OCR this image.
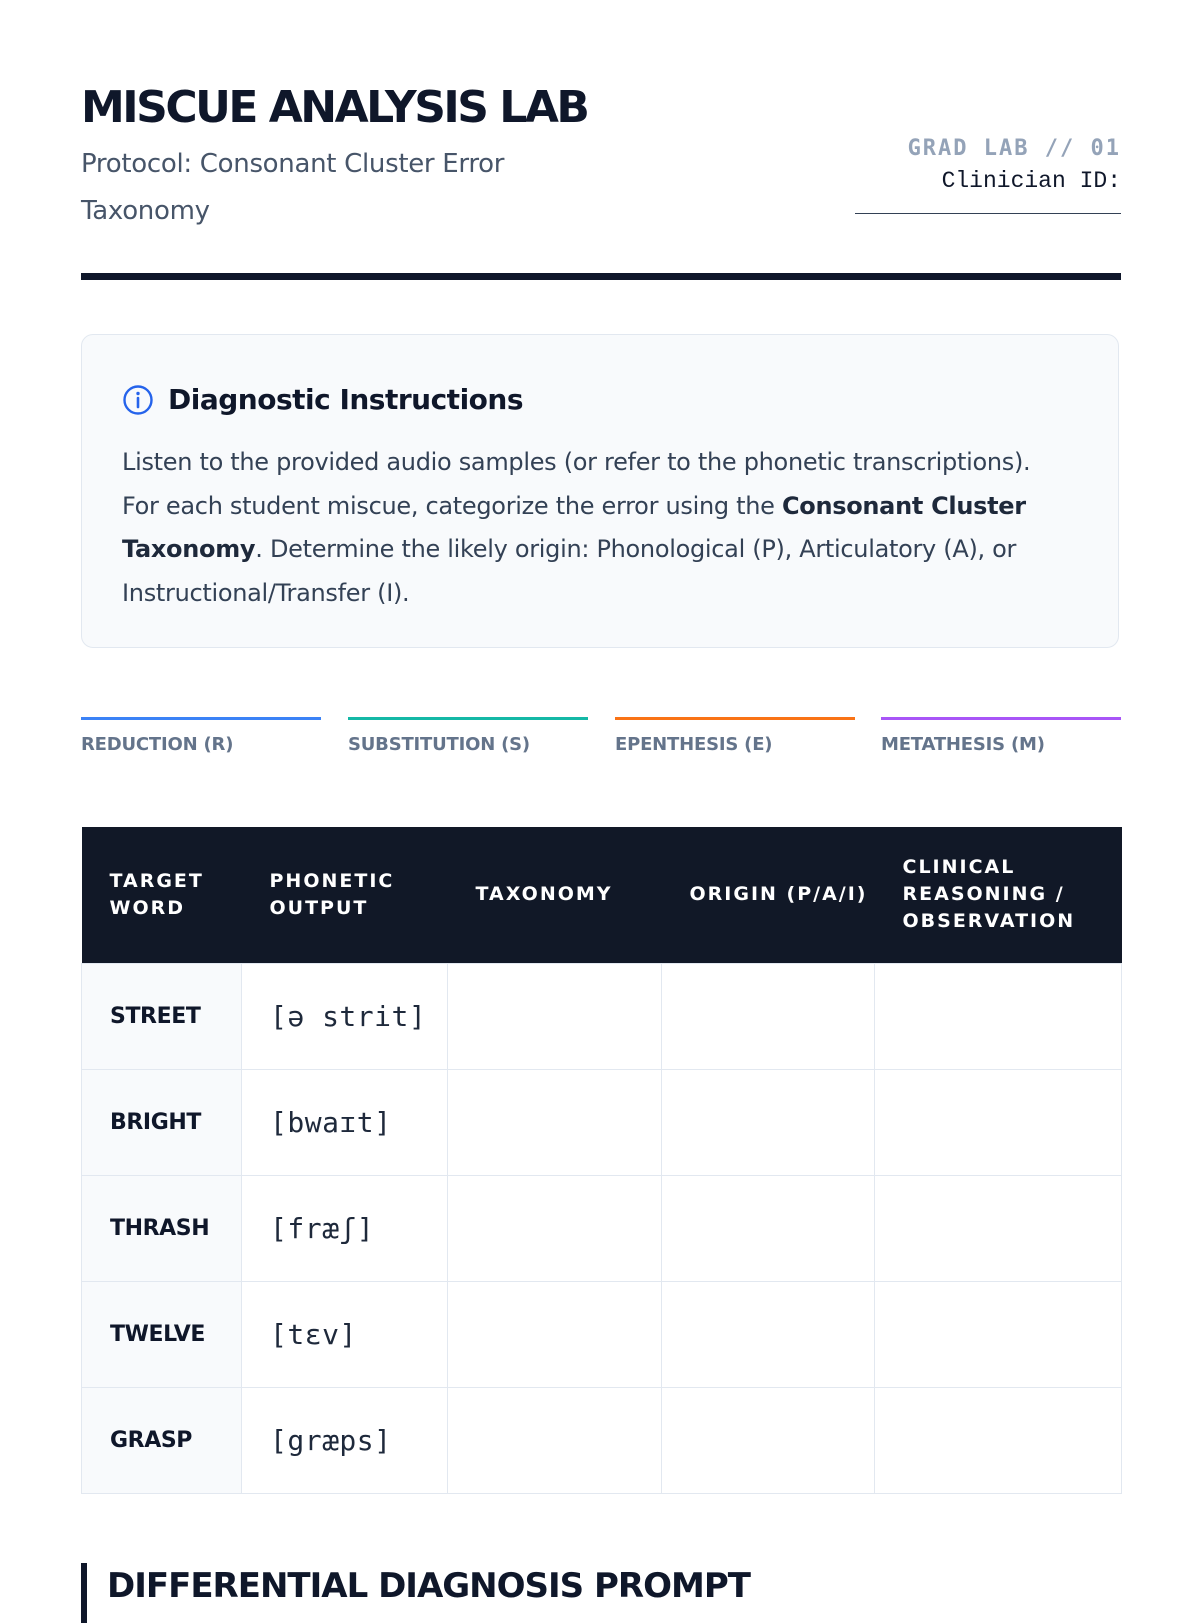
MISCUE ANALYSIS LAB
Protocol: Consonant Cluster Error Taxonomy
GRAD LAB // 01
Clinician ID:
Diagnostic Instructions

Listen to the provided audio samples (or refer to the phonetic transcriptions). For each student miscue, categorize the error using the Consonant Cluster Taxonomy. Determine the likely origin: Phonological (P), Articulatory (A), or Instructional/Transfer (I).

REDUCTION (R)	SUBSTITUTION (S)	EPENTHESIS (E)	METATHESIS (M)
TARGET WORD	PHONETIC OUTPUT	TAXONOMY	ORIGIN (P/A/I)	CLINICAL REASONING / OBSERVATION
STREET	[ə strit]			
BRIGHT	[bwaɪt]			
THRASH	[fræʃ]			
TWELVE	[tɛv]			
GRASP	[græps]			
DIFFERENTIAL DIAGNOSIS PROMPT
